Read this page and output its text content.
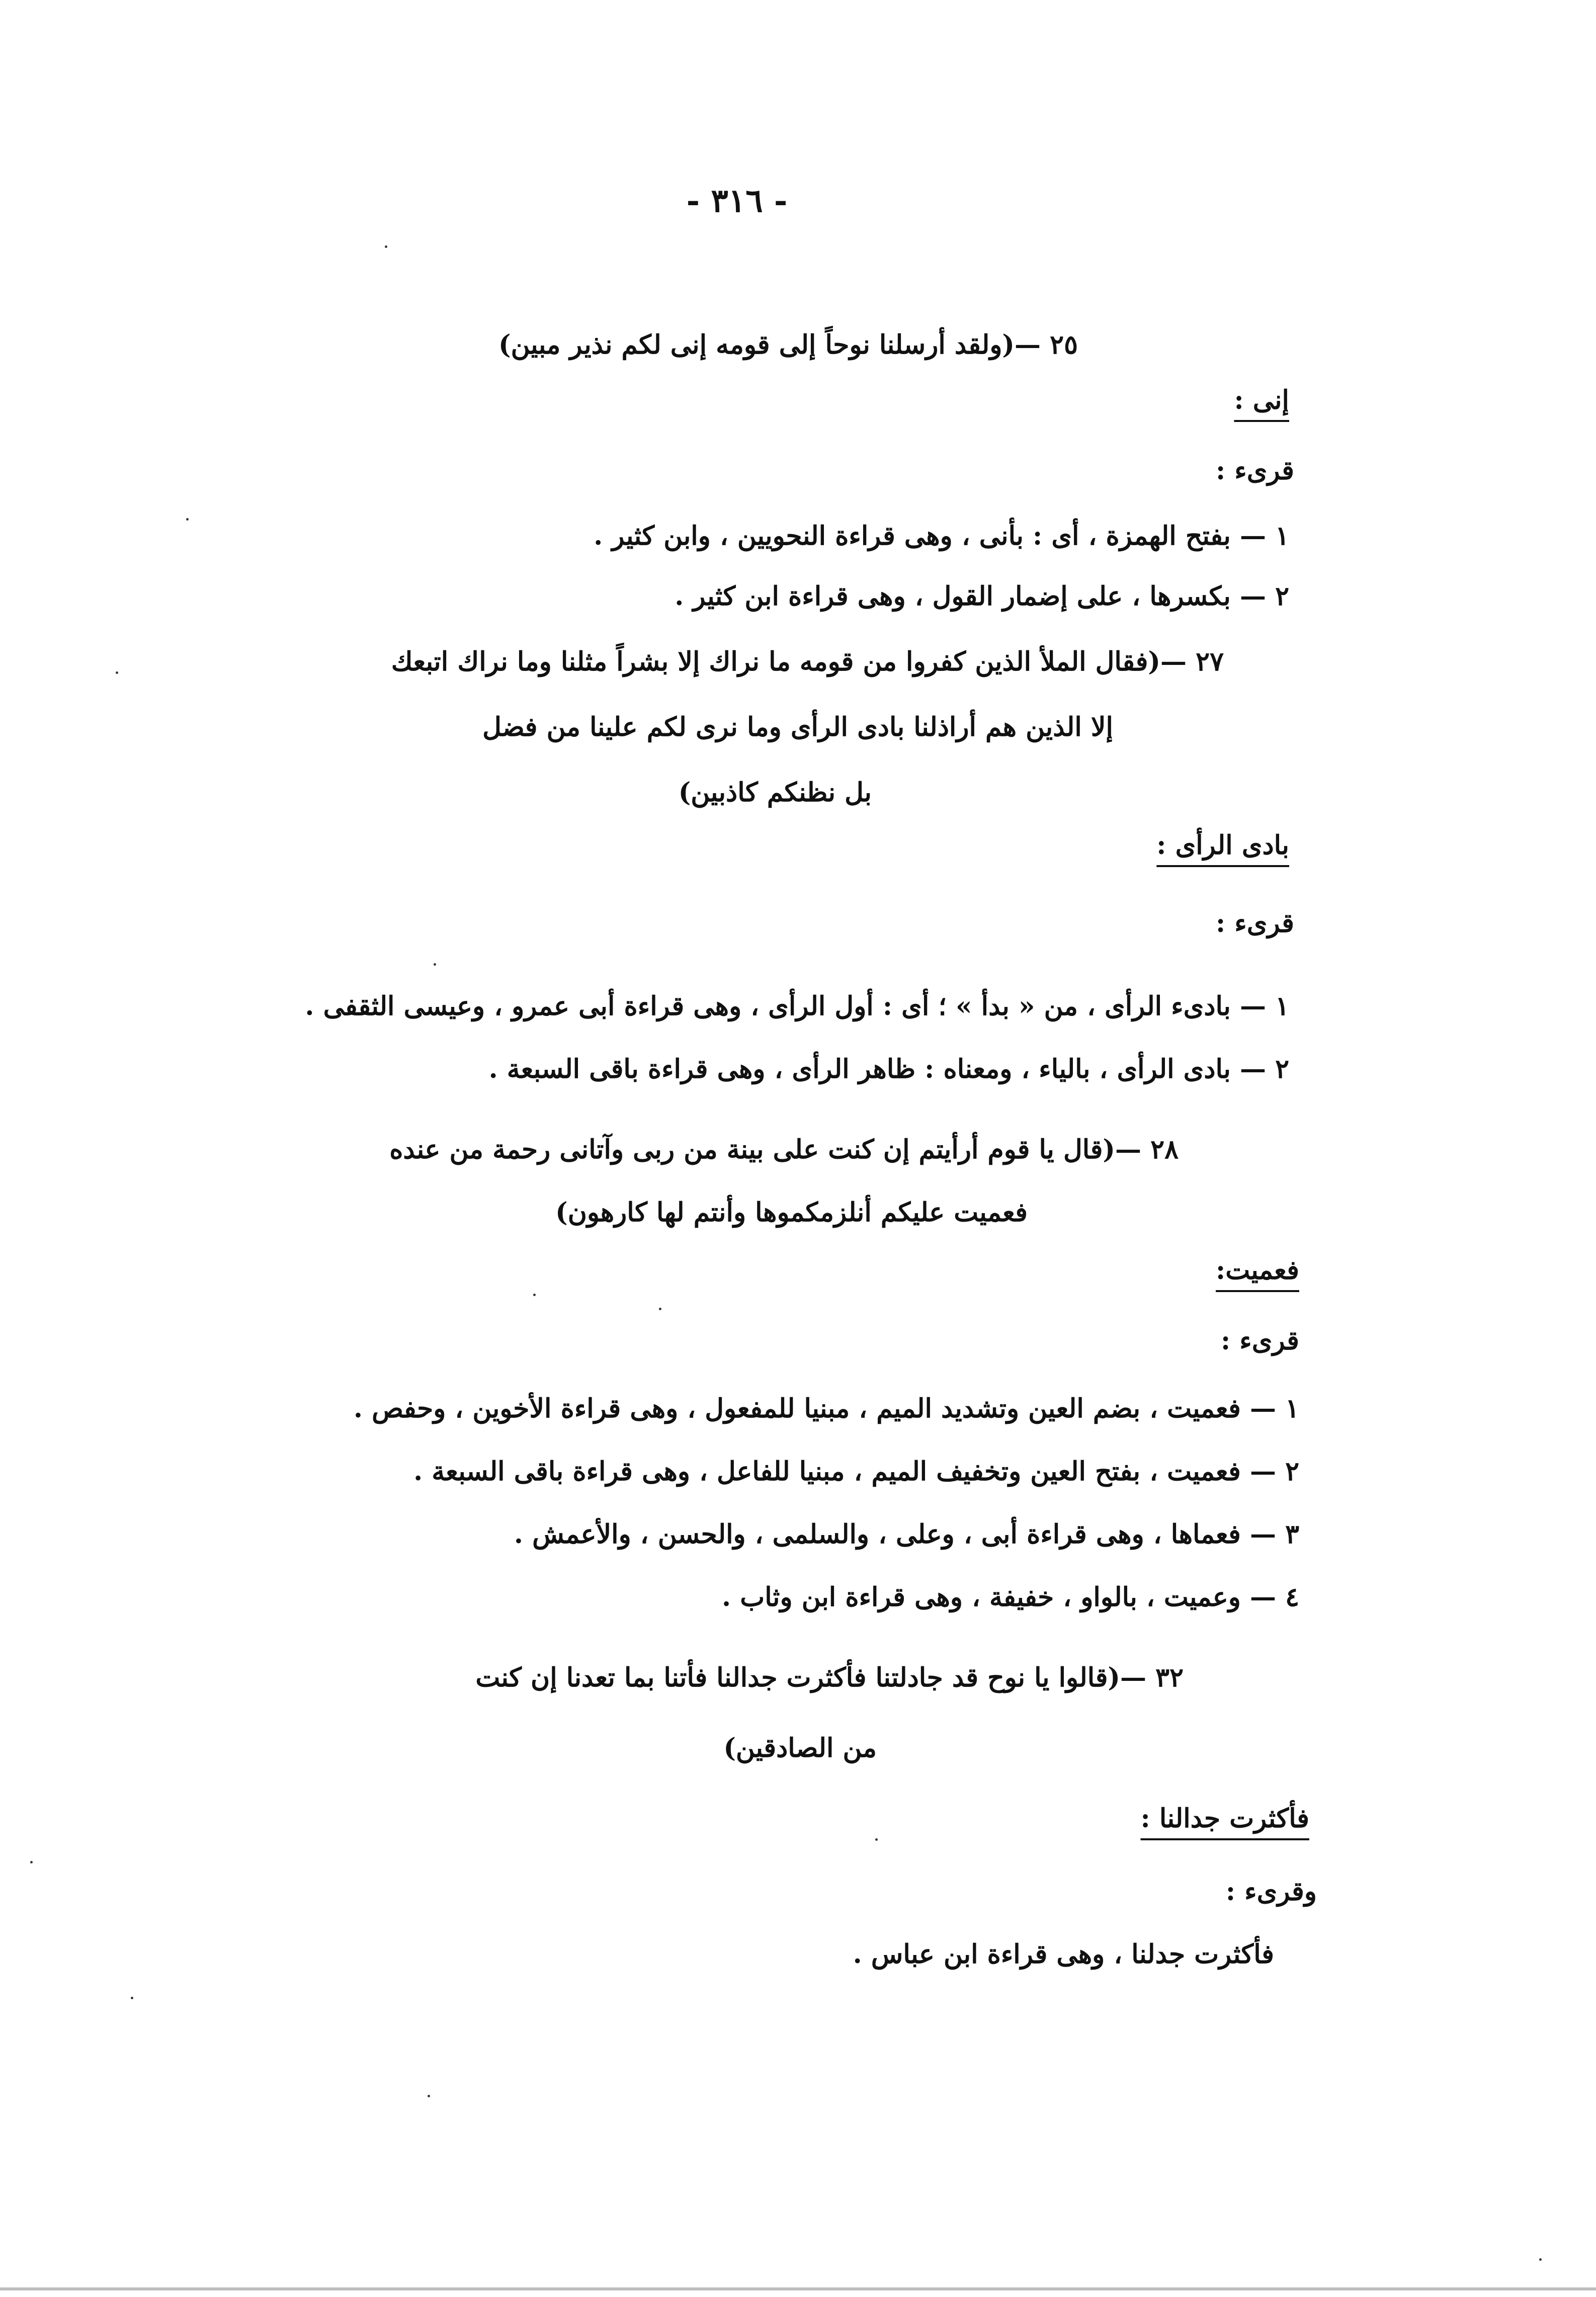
- ٣١٦ -
٢٥ —(ولقد أرسلنا نوحاً إلى قومه إنى لكم نذير مبين)
إنى :
قرىء :
١ — بفتح الهمزة ، أى : بأنى ، وهى قراءة النحويين ، وابن كثير .
٢ — بكسرها ، على إضمار القول ، وهى قراءة ابن كثير .
٢٧ —(فقال الملأ الذين كفروا من قومه ما نراك إلا بشراً مثلنا وما نراك اتبعك
إلا الذين هم أراذلنا بادى الرأى وما نرى لكم علينا من فضل
بل نظنكم كاذبين)
بادى الرأى :
قرىء :
١ — بادىء الرأى ، من « بدأ » ؛ أى : أول الرأى ، وهى قراءة أبى عمرو ، وعيسى الثقفى .
٢ — بادى الرأى ، بالياء ، ومعناه : ظاهر الرأى ، وهى قراءة باقى السبعة .
٢٨ —(قال يا قوم أرأيتم إن كنت على بينة من ربى وآتانى رحمة من عنده
فعميت عليكم أنلزمكموها وأنتم لها كارهون)
فعميت:
قرىء :
١ — فعميت ، بضم العين وتشديد الميم ، مبنيا للمفعول ، وهى قراءة الأخوين ، وحفص .
٢ — فعميت ، بفتح العين وتخفيف الميم ، مبنيا للفاعل ، وهى قراءة باقى السبعة .
٣ — فعماها ، وهى قراءة أبى ، وعلى ، والسلمى ، والحسن ، والأعمش .
٤ — وعميت ، بالواو ، خفيفة ، وهى قراءة ابن وثاب .
٣٢ —(قالوا يا نوح قد جادلتنا فأكثرت جدالنا فأتنا بما تعدنا إن كنت
من الصادقين)
فأكثرت جدالنا :
وقرىء :
فأكثرت جدلنا ، وهى قراءة ابن عباس .
